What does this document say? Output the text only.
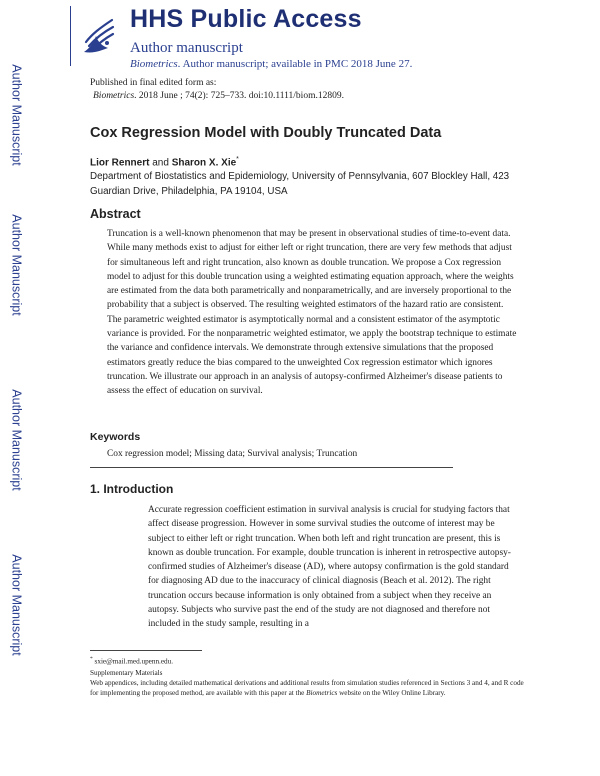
Author Manuscript
Author Manuscript
Author Manuscript
Author Manuscript
HHS Public Access
Author manuscript
Biometrics. Author manuscript; available in PMC 2018 June 27.
Published in final edited form as:
Biometrics. 2018 June ; 74(2): 725–733. doi:10.1111/biom.12809.
Cox Regression Model with Doubly Truncated Data
Lior Rennert and Sharon X. Xie*
Department of Biostatistics and Epidemiology, University of Pennsylvania, 607 Blockley Hall, 423 Guardian Drive, Philadelphia, PA 19104, USA
Abstract
Truncation is a well-known phenomenon that may be present in observational studies of time-to-event data. While many methods exist to adjust for either left or right truncation, there are very few methods that adjust for simultaneous left and right truncation, also known as double truncation. We propose a Cox regression model to adjust for this double truncation using a weighted estimating equation approach, where the weights are estimated from the data both parametrically and nonparametrically, and are inversely proportional to the probability that a subject is observed. The resulting weighted estimators of the hazard ratio are consistent. The parametric weighted estimator is asymptotically normal and a consistent estimator of the asymptotic variance is provided. For the nonparametric weighted estimator, we apply the bootstrap technique to estimate the variance and confidence intervals. We demonstrate through extensive simulations that the proposed estimators greatly reduce the bias compared to the unweighted Cox regression estimator which ignores truncation. We illustrate our approach in an analysis of autopsy-confirmed Alzheimer's disease patients to assess the effect of education on survival.
Keywords
Cox regression model; Missing data; Survival analysis; Truncation
1. Introduction
Accurate regression coefficient estimation in survival analysis is crucial for studying factors that affect disease progression. However in some survival studies the outcome of interest may be subject to either left or right truncation. When both left and right truncation are present, this is known as double truncation. For example, double truncation is inherent in retrospective autopsy-confirmed studies of Alzheimer's disease (AD), where autopsy confirmation is the gold standard for diagnosing AD due to the inaccuracy of clinical diagnosis (Beach et al. 2012). The right truncation occurs because information is only obtained from a subject when they receive an autopsy. Subjects who survive past the end of the study are not diagnosed and therefore not included in the study sample, resulting in a
* sxie@mail.med.upenn.edu.
Supplementary Materials
Web appendices, including detailed mathematical derivations and additional results from simulation studies referenced in Sections 3 and 4, and R code for implementing the proposed method, are available with this paper at the Biometrics website on the Wiley Online Library.
